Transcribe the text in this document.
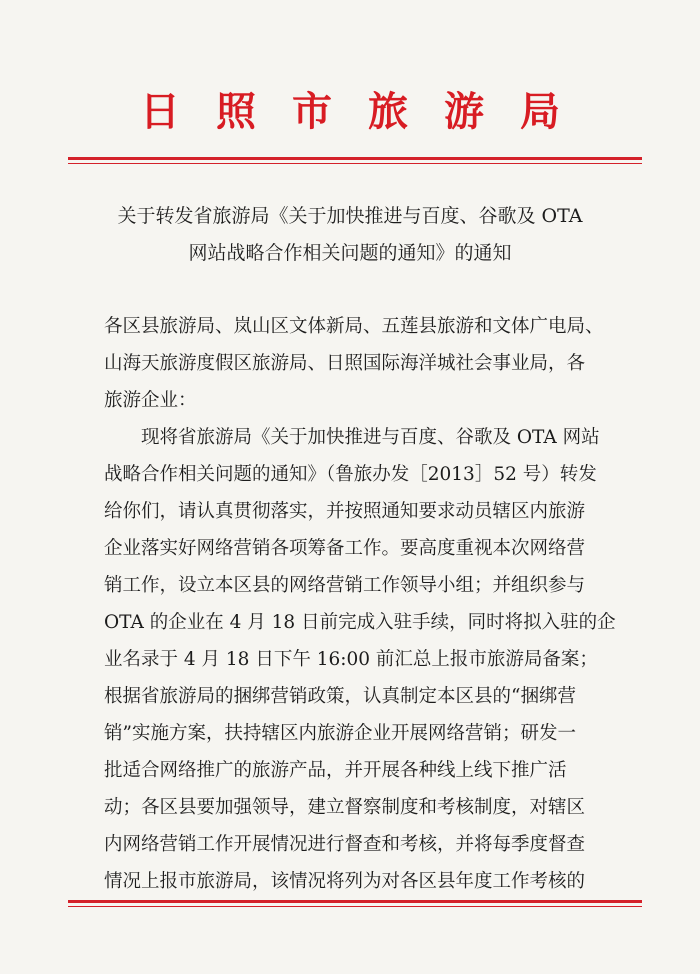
日照市旅游局
关于转发省旅游局《关于加快推进与百度、谷歌及 OTA
网站战略合作相关问题的通知》的通知
各区县旅游局、岚山区文体新局、五莲县旅游和文体广电局、
山海天旅游度假区旅游局、日照国际海洋城社会事业局，各
旅游企业：
现将省旅游局《关于加快推进与百度、谷歌及 OTA 网站
战略合作相关问题的通知》（鲁旅办发［2013］52 号）转发
给你们，请认真贯彻落实，并按照通知要求动员辖区内旅游
企业落实好网络营销各项筹备工作。要高度重视本次网络营
销工作，设立本区县的网络营销工作领导小组；并组织参与
OTA 的企业在 4 月 18 日前完成入驻手续，同时将拟入驻的企
业名录于 4 月 18 日下午 16:00 前汇总上报市旅游局备案；
根据省旅游局的捆绑营销政策，认真制定本区县的“捆绑营
销”实施方案，扶持辖区内旅游企业开展网络营销；研发一
批适合网络推广的旅游产品，并开展各种线上线下推广活
动；各区县要加强领导，建立督察制度和考核制度，对辖区
内网络营销工作开展情况进行督查和考核，并将每季度督查
情况上报市旅游局，该情况将列为对各区县年度工作考核的
